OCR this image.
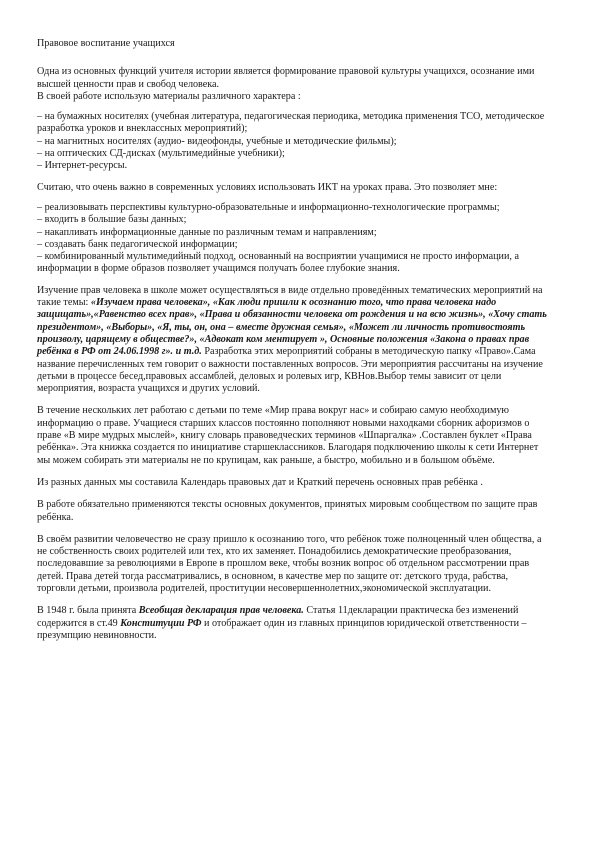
Правовое воспитание учащихся

Одна из основных функций учителя истории является формирование правовой культуры учащихся, осознание ими высшей ценности прав и свобод человека.

В своей работе использую материалы различного характера :

– на бумажных носителях (учебная литература, педагогическая периодика, методика применения ТСО, методическое разработка уроков и внеклассных мероприятий);
– на магнитных носителях (аудио- видеофонды, учебные и методические фильмы);
– на оптических СД-дисках (мультимедийные учебники);
– Интернет-ресурсы.

Считаю, что очень важно в современных условиях использовать ИКТ на уроках права. Это позволяет мне:

– реализовывать перспективы культурно-образовательные и информационно-технологические программы;
– входить в большие базы данных;
– накапливать информационные данные по различным темам и направлениям;
– создавать банк педагогической информации;
– комбинированный мультимедийный подход, основанный на восприятии учащимися не просто информации, а информации в форме образов позволяет учащимся получать более глубокие знания.

Изучение прав человека в школе может осуществляться в виде отдельно проведённых тематических мероприятий на такие темы: «Изучаем права человека», «Как люди пришли к осознанию того, что права человека надо защищать»,«Равенство всех прав», «Права и обязанности человека от рождения и на всю жизнь», «Хочу стать президентом», «Выборы», «Я, ты, он, она – вместе дружная семья», «Может ли личность противостоять произволу, царящему в обществе?», «Адвокат ком ментирует », Основные положения «Закона о правах прав ребёнка в РФ от 24.06.1998 г». и т.д. Разработка этих мероприятий собраны в методическую папку «Право».Сама название перечисленных тем говорит о важности поставленных вопросов. Эти мероприятия рассчитаны на изучение детьми в процессе бесед,правовых ассамблей, деловых и ролевых игр, КВНов.Выбор темы зависит от цели мероприятия, возраста учащихся и других условий.

В течение нескольких лет работаю с детьми по теме «Мир права вокруг нас» и собираю самую необходимую информацию о праве. Учащиеся старших классов постоянно пополняют новыми находками сборник афоризмов о праве «В мире мудрых мыслей», книгу словарь правоведческих терминов «Шпаргалка» .Составлен буклет «Права ребёнка». Эта книжка создается по инициативе старшеклассников. Благодаря подключению школы к сети Интернет мы можем собирать эти материалы не по крупицам, как раньше, а быстро, мобильно и в большом объёме.

Из разных данных мы составила Календарь правовых дат и Краткий перечень основных прав ребёнка .

В работе обязательно применяются тексты основных документов, принятых мировым сообществом по защите прав ребёнка.

В своём развитии человечество не сразу пришло к осознанию того, что ребёнок тоже полноценный член общества, а не собственность своих родителей или тех, кто их заменяет. Понадобились демократические преобразования, последовавшие за революциями в Европе в прошлом веке, чтобы возник вопрос об отдельном рассмотрении прав детей. Права детей тогда рассматривались, в основном, в качестве мер по защите от: детского труда, рабства, торговли детьми, произвола родителей, проституции несовершеннолетних,экономической эксплуатации.

В 1948 г. была принята Всеобщая декларация прав человека. Статья 11декларации практическа без изменений содержится в ст.49 Конституции РФ и отображает один из главных принципов юридической ответственности – презумпцию невиновности.
